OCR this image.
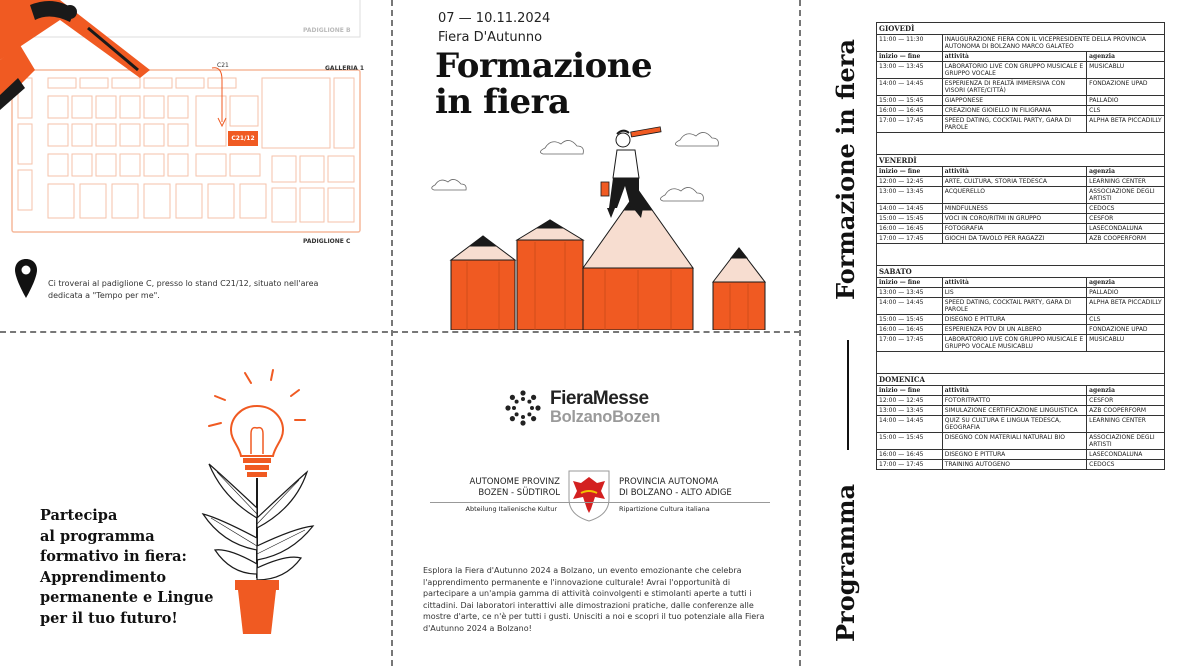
PADIGLIONE B
GALLERIA 1
C21
C21/12
PADIGLIONE C
Ci troverai al padiglione C, presso lo stand C21/12, situato nell'area dedicata a "Tempo per me".
07 — 10.11.2024
Fiera D'Autunno
Formazione
in fiera
Partecipa
al programma
formativo in fiera:
Apprendimento
permanente e Lingue
per il tuo futuro!
FieraMesse
BolzanoBozen
AUTONOME PROVINZ
BOZEN - SÜDTIROL
PROVINCIA AUTONOMA
DI BOLZANO - ALTO ADIGE
Abteilung Italienische Kultur	Ripartizione Cultura italiana
Esplora la Fiera d'Autunno 2024 a Bolzano, un evento emozionante che celebra l'apprendimento permanente e l'innovazione culturale! Avrai l'opportunità di partecipare a un'ampia gamma di attività coinvolgenti e stimolanti aperte a tutti i cittadini. Dai laboratori interattivi alle dimostrazioni pratiche, dalle conferenze alle mostre d'arte, ce n'è per tutti i gusti. Unisciti a noi e scopri il tuo potenziale alla Fiera d'Autunno 2024 a Bolzano!
Formazione in fiera
Programma
GIOVEDÌ		
11:00 — 11:30	INAUGURAZIONE FIERA CON IL VICEPRESIDENTE DELLA PROVINCIA AUTONOMA DI BOLZANO MARCO GALATEO	
inizio — fine	attività	agenzia
13:00 — 13:45	LABORATORIO LIVE CON GRUPPO MUSICALE E GRUPPO VOCALE	MUSICABLU
14:00 — 14:45	ESPERIENZA DI REALTÀ IMMERSIVA CON VISORI (ARTE/CITTÀ)	FONDAZIONE UPAD
15:00 — 15:45	GIAPPONESE	PALLADIO
16:00 — 16:45	CREAZIONE GIOIELLO IN FILIGRANA	CLS
17:00 — 17:45	SPEED DATING, COCKTAIL PARTY, GARA DI PAROLE	ALPHA BETA PICCADILLY

VENERDÌ		
inizio — fine	attività	agenzia
12:00 — 12:45	ARTE, CULTURA, STORIA TEDESCA	LEARNING CENTER
13:00 — 13:45	ACQUERELLO	ASSOCIAZIONE DEGLI ARTISTI
14:00 — 14:45	MINDFULNESS	CEDOCS
15:00 — 15:45	VOCI IN CORO/RITMI IN GRUPPO	CESFOR
16:00 — 16:45	FOTOGRAFIA	LASECONDALUNA
17:00 — 17:45	GIOCHI DA TAVOLO PER RAGAZZI	AZB COOPERFORM

SABATO		
inizio — fine	attività	agenzia
13:00 — 13:45	LIS	PALLADIO
14:00 — 14:45	SPEED DATING, COCKTAIL PARTY, GARA DI PAROLE	ALPHA BETA PICCADILLY
15:00 — 15:45	DISEGNO E PITTURA	CLS
16:00 — 16:45	ESPERIENZA POV DI UN ALBERO	FONDAZIONE UPAD
17:00 — 17:45	LABORATORIO LIVE CON GRUPPO MUSICALE E GRUPPO VOCALE MUSICABLU	MUSICABLU

DOMENICA		
inizio — fine	attività	agenzia
12:00 — 12:45	FOTORITRATTO	CESFOR
13:00 — 13:45	SIMULAZIONE CERTIFICAZIONE LINGUISTICA	AZB COOPERFORM
14:00 — 14:45	QUIZ SU CULTURA E LINGUA TEDESCA, GEOGRAFIA	LEARNING CENTER
15:00 — 15:45	DISEGNO CON MATERIALI NATURALI BIO	ASSOCIAZIONE DEGLI ARTISTI
16:00 — 16:45	DISEGNO E PITTURA	LASECONDALUNA
17:00 — 17:45	TRAINING AUTOGENO	CEDOCS
